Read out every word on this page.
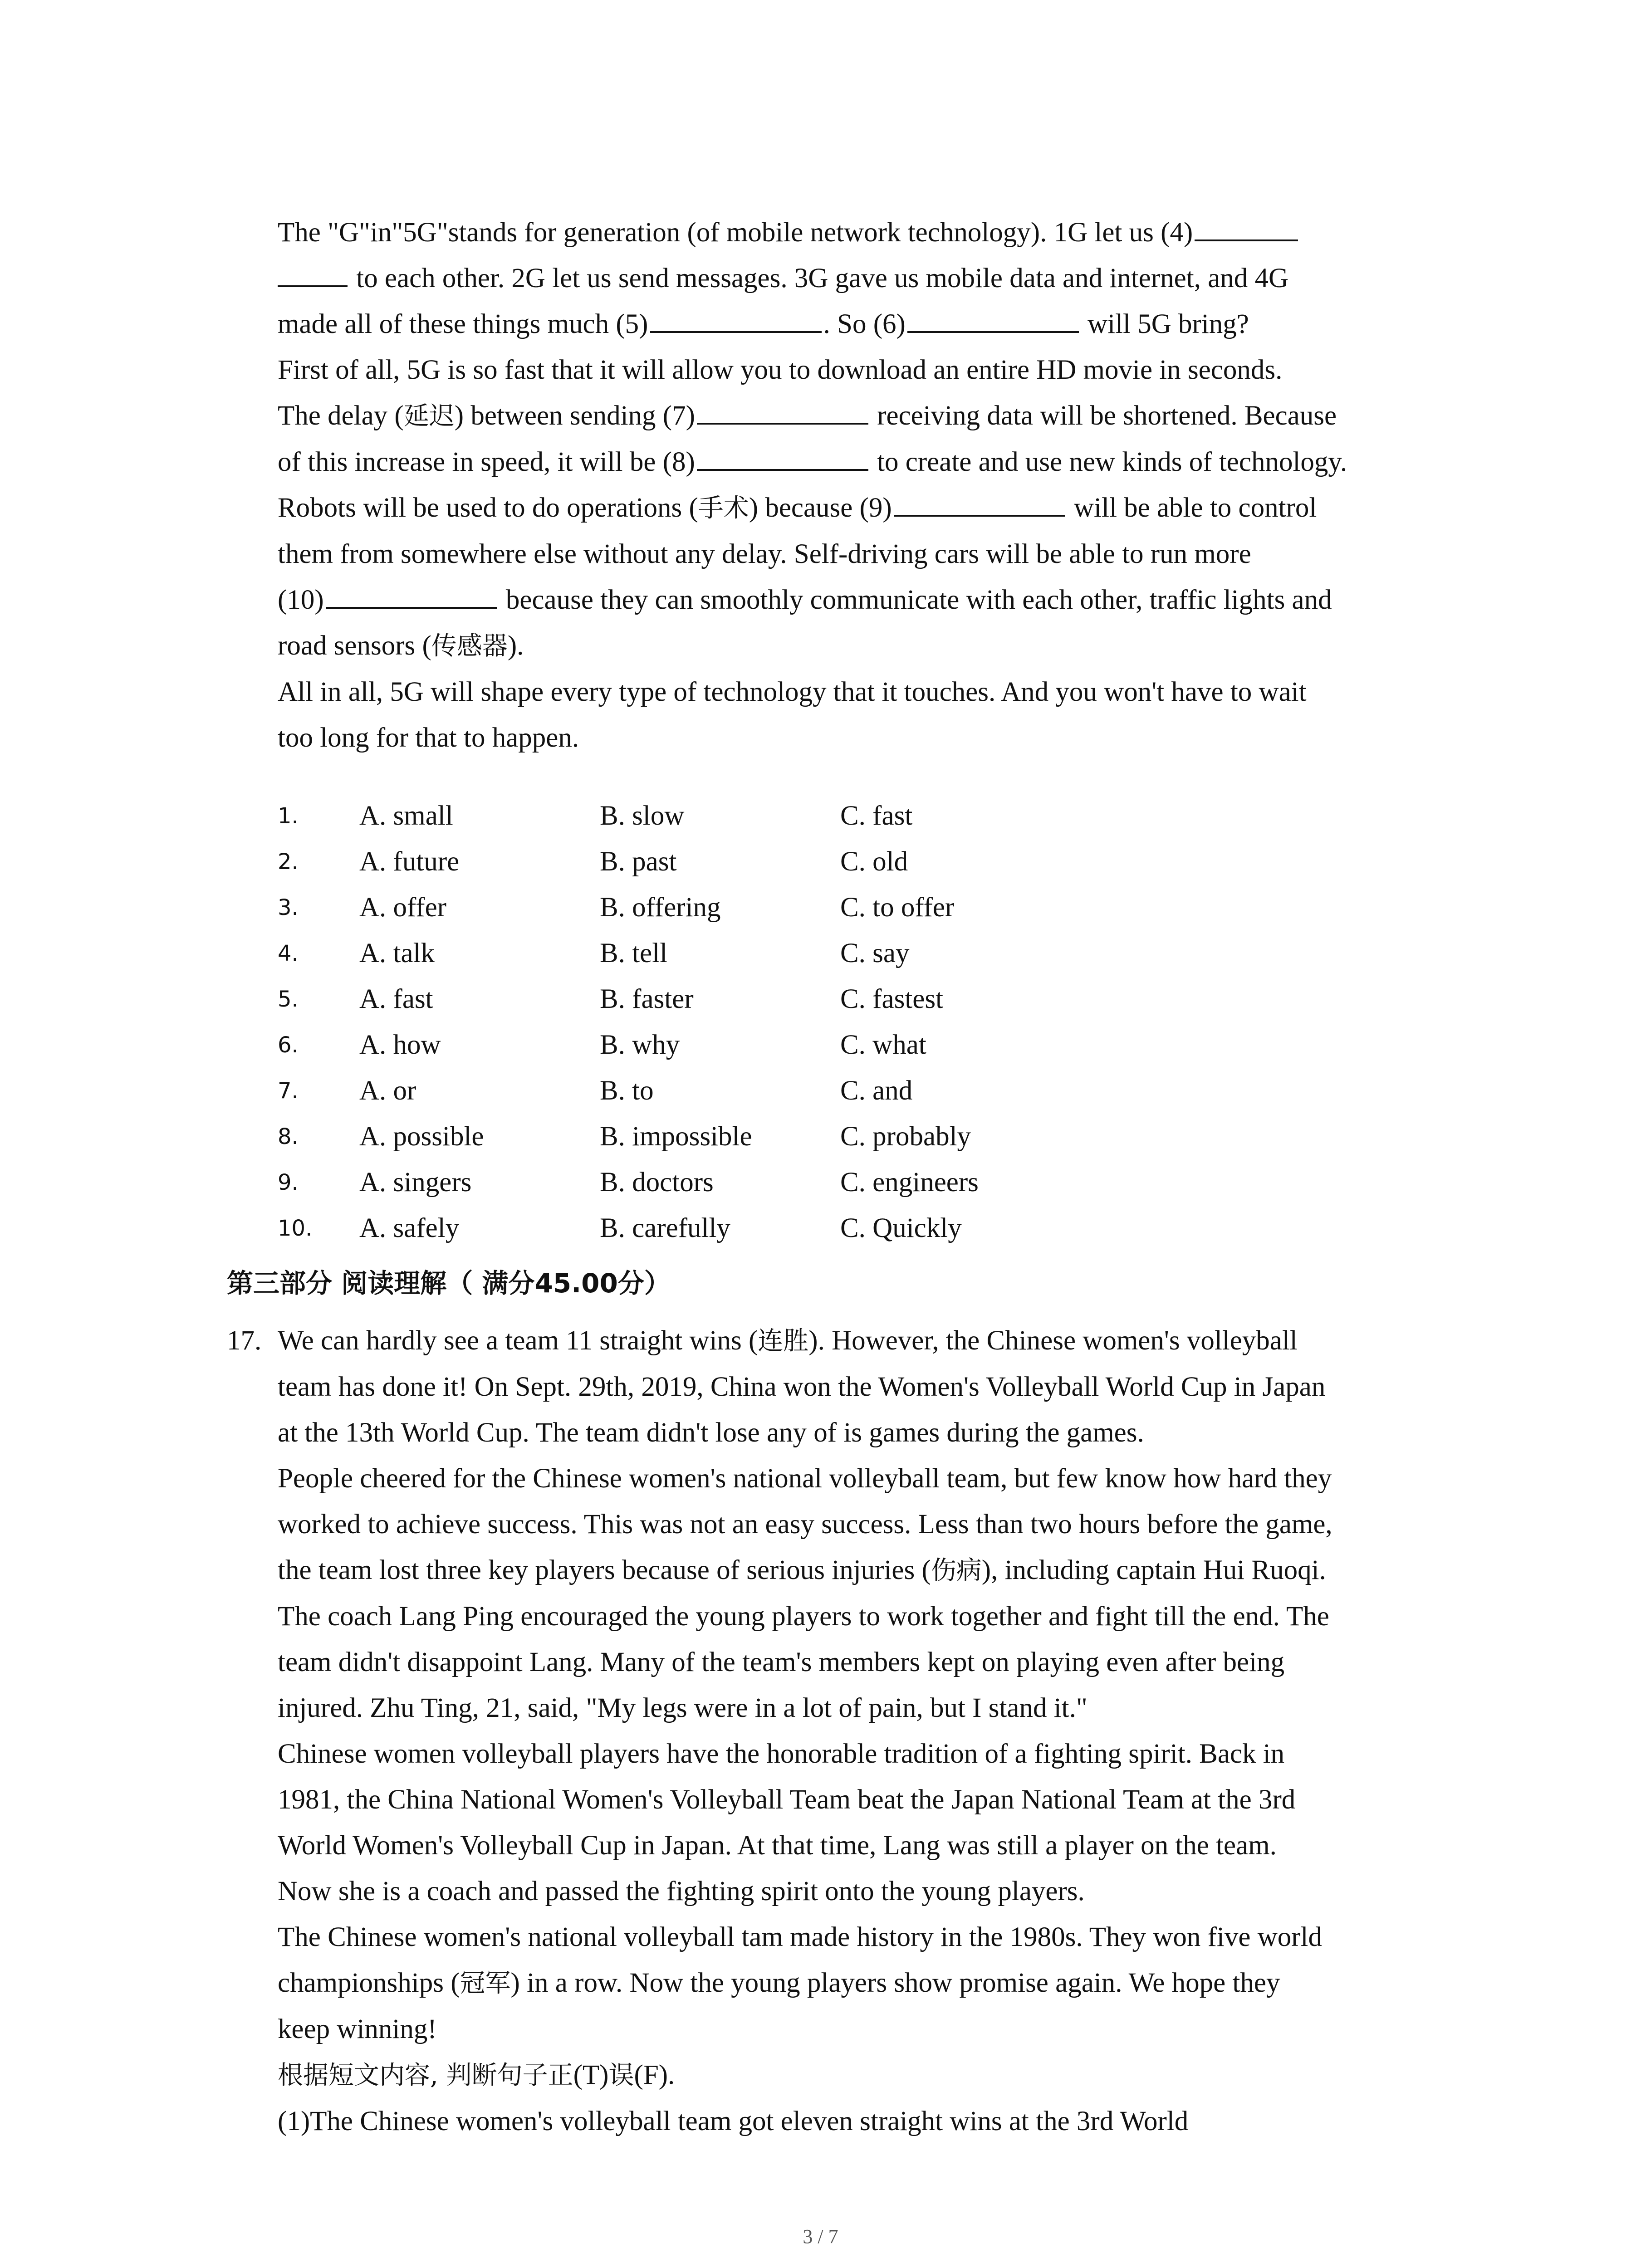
The "G"in"5G"stands for generation (of mobile network technology). 1G let us (4)

to each other. 2G let us send messages. 3G gave us mobile data and internet, and 4G

made all of these things much (5)	. So (6)	will 5G bring?

First of all, 5G is so fast that it will allow you to download an entire HD movie in seconds.

The delay (延迟) between sending (7)	receiving data will be shortened. Because

of this increase in speed, it will be (8)	to create and use new kinds of technology.

Robots will be used to do operations (手术) because (9)	will be able to control

them from somewhere else without any delay. Self-driving cars will be able to run more

(10)	because they can smoothly communicate with each other, traffic lights and

road sensors (传感器).

All in all, 5G will shape every type of technology that it touches. And you won't have to wait

too long for that to happen.

1.	A. small	B. slow	C. fast
2.	A. future	B. past	C. old
3.	A. offer	B. offering	C. to offer
4.	A. talk	B. tell	C. say
5.	A. fast	B. faster	C. fastest
6.	A. how	B. why	C. what
7.	A. or	B. to	C. and
8.	A. possible	B. impossible	C. probably
9.	A. singers	B. doctors	C. engineers
10.	A. safely	B. carefully	C. Quickly
第三部分 阅读理解（ 满分45.00分）
17. We can hardly see a team 11 straight wins (连胜). However, the Chinese women's volleyball
team has done it! On Sept. 29th, 2019, China won the Women's Volleyball World Cup in Japan
at the 13th World Cup. The team didn't lose any of is games during the games.
People cheered for the Chinese women's national volleyball team, but few know how hard they
worked to achieve success. This was not an easy success. Less than two hours before the game,
the team lost three key players because of serious injuries (伤病), including captain Hui Ruoqi.
The coach Lang Ping encouraged the young players to work together and fight till the end. The
team didn't disappoint Lang. Many of the team's members kept on playing even after being
injured. Zhu Ting, 21, said, "My legs were in a lot of pain, but I stand it."
Chinese women volleyball players have the honorable tradition of a fighting spirit. Back in
1981, the China National Women's Volleyball Team beat the Japan National Team at the 3rd
World Women's Volleyball Cup in Japan. At that time, Lang was still a player on the team.
Now she is a coach and passed the fighting spirit onto the young players.
The Chinese women's national volleyball tam made history in the 1980s. They won five world
championships (冠军) in a row. Now the young players show promise again. We hope they
keep winning!
根据短文内容, 判断句子正(T)误(F).
(1)The Chinese women's volleyball team got eleven straight wins at the 3rd World
3 / 7
